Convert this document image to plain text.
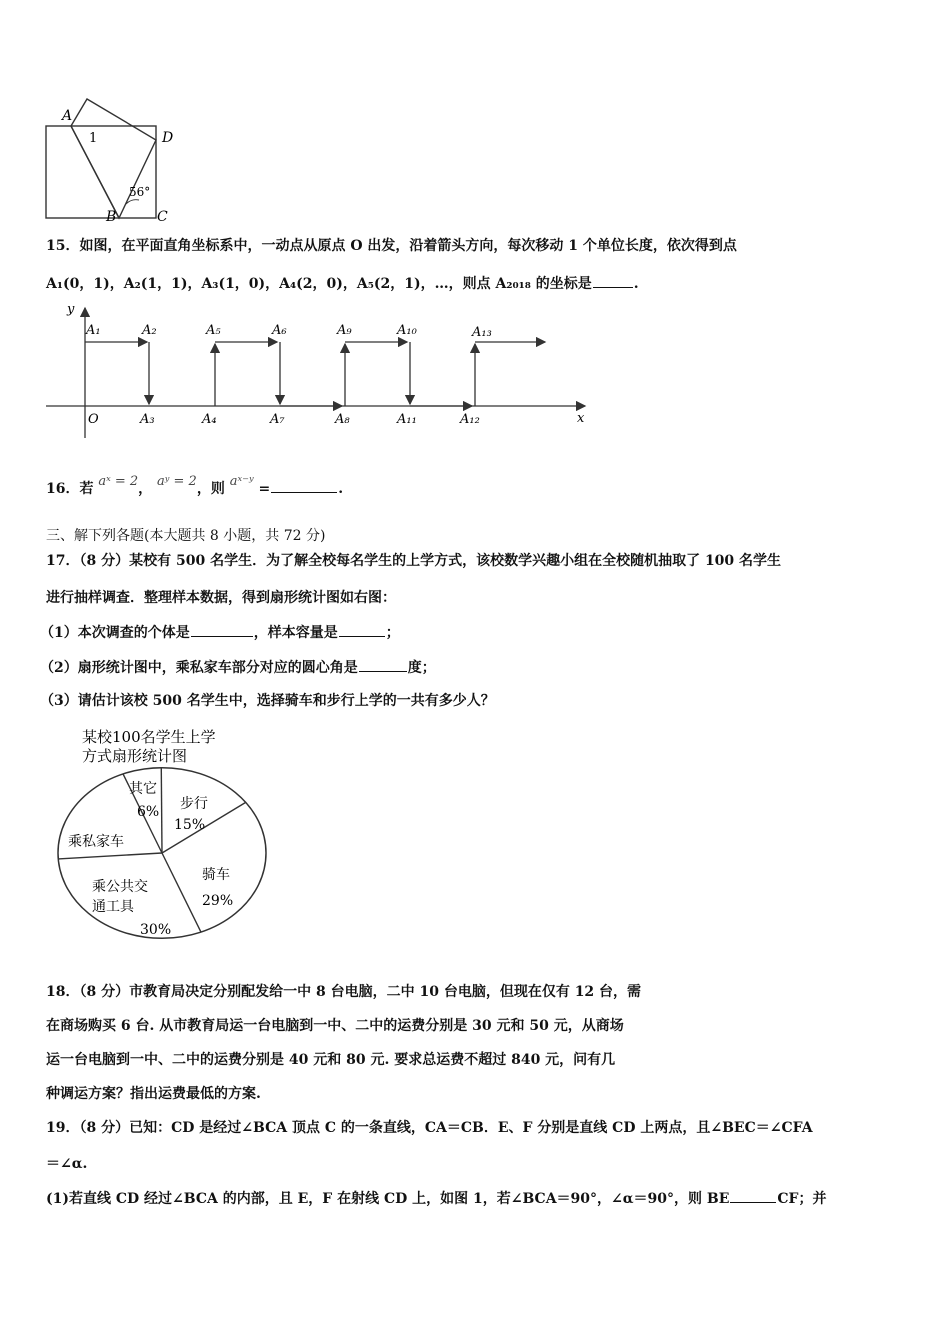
A
1	D
56°
B	C
15．如图，在平面直角坐标系中，一动点从原点 O 出发，沿着箭头方向，每次移动 1 个单位长度，依次得到点
A₁(0，1)，A₂(1，1)，A₃(1，0)，A₄(2，0)，A₅(2，1)，…，则点 A₂₀₁₈ 的坐标是	.
y
x
O
A₁	A₂	A₅	A₆	A₉	A₁₀	A₁₃
A₃	A₄	A₇	A₈	A₁₁	A₁₂
16．若 aˣ = 2， aʸ = 2，则 aˣ⁻ʸ =	.
三、解下列各题(本大题共 8 小题，共 72 分)
17．（8 分）某校有 500 名学生．为了解全校每名学生的上学方式，该校数学兴趣小组在全校随机抽取了 100 名学生
进行抽样调查．整理样本数据，得到扇形统计图如右图：
（1）本次调查的个体是	，样本容量是	；
（2）扇形统计图中，乘私家车部分对应的圆心角是	度；
（3）请估计该校 500 名学生中，选择骑车和步行上学的一共有多少人？
某校100名学生上学
方式扇形统计图
其它
6% 步行
15%
骑车
29%
乘公共交
通工具
30%
乘私家车
18．（8 分）市教育局决定分别配发给一中 8 台电脑，二中 10 台电脑，但现在仅有 12 台，需
在商场购买 6 台. 从市教育局运一台电脑到一中、二中的运费分别是 30 元和 50 元，从商场
运一台电脑到一中、二中的运费分别是 40 元和 80 元. 要求总运费不超过 840 元，问有几
种调运方案？指出运费最低的方案.
19．（8 分）已知：CD 是经过∠BCA 顶点 C 的一条直线，CA＝CB．E、F 分别是直线 CD 上两点，且∠BEC＝∠CFA
＝∠α.
(1)若直线 CD 经过∠BCA 的内部，且 E，F 在射线 CD 上，如图 1，若∠BCA＝90°，∠α＝90°，则 BE	CF；并
